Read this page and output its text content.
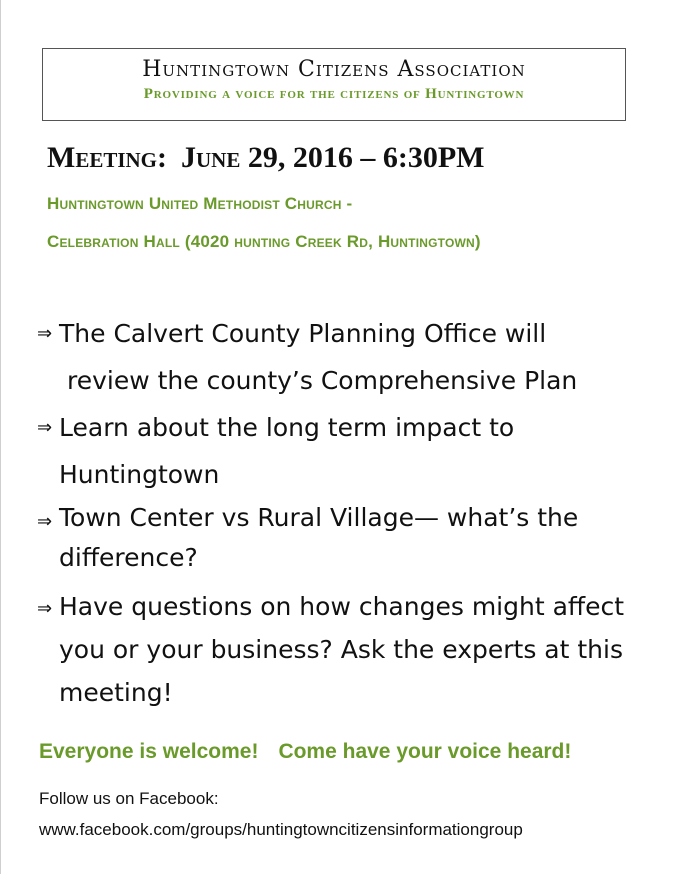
Huntingtown Citizens Association
Providing a voice for the citizens of Huntingtown
Meeting: June 29, 2016 – 6:30PM
Huntingtown United Methodist Church -
Celebration Hall (4020 hunting Creek Rd, Huntingtown)
⇒ The Calvert County Planning Office will
review the county’s Comprehensive Plan
⇒ Learn about the long term impact to
Huntingtown
⇒ Town Center vs Rural Village— what’s the
difference?
⇒ Have questions on how changes might affect
you or your business? Ask the experts at this
meeting!
Everyone is welcome! Come have your voice heard!
Follow us on Facebook:
www.facebook.com/groups/huntingtowncitizensinformationgroup
